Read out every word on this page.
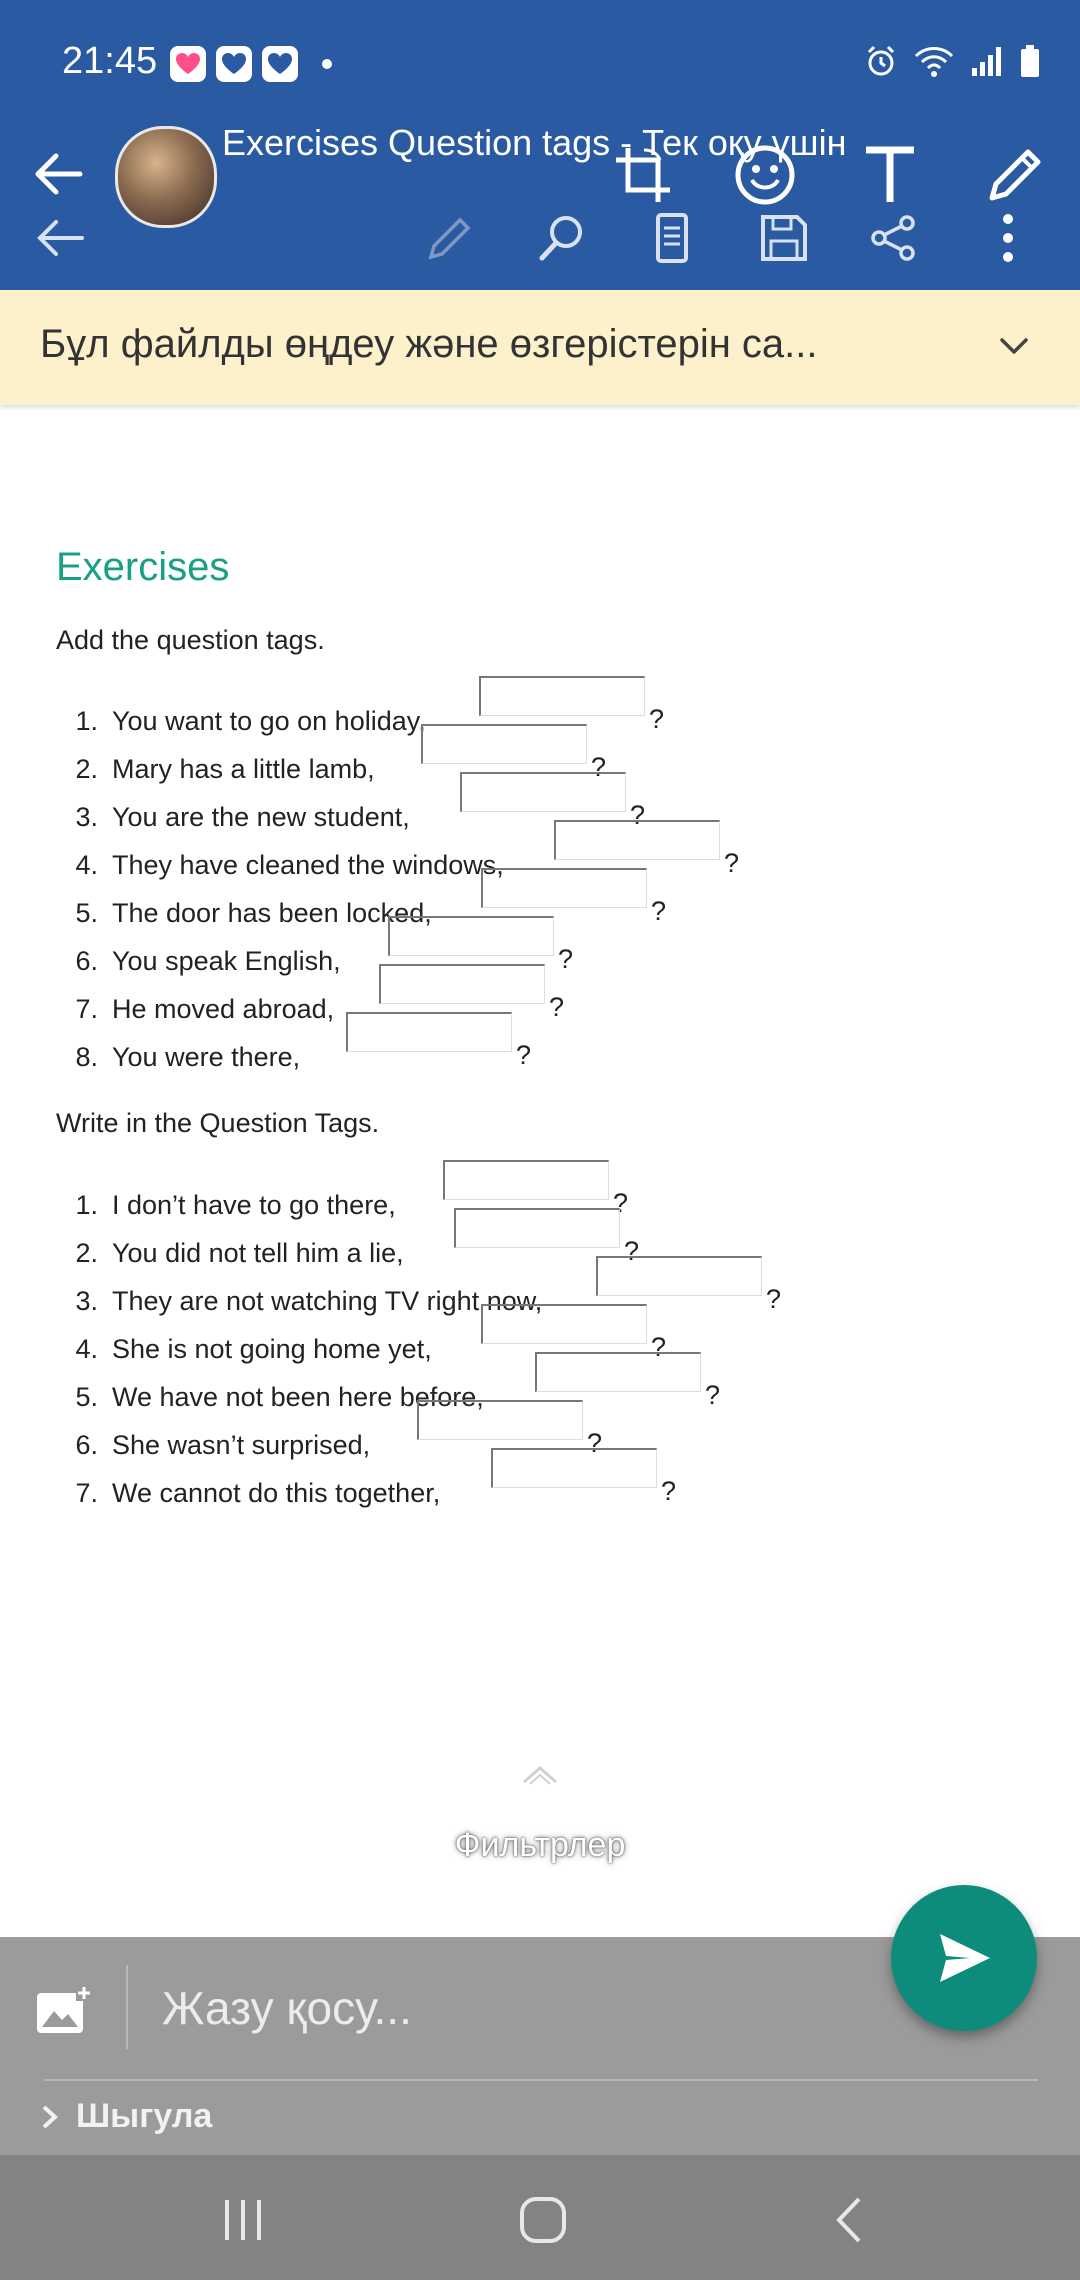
21:45
Exercises Question tags - Тек оқу үшін
Бұл файлды өңдеу және өзгерістерін са...
Exercises
Add the question tags.
1. You want to go on holiday,	?
2. Mary has a little lamb,	?
3. You are the new student,	?
4. They have cleaned the windows,	?
5. The door has been locked,	?
6. You speak English,	?
7. He moved abroad,	?
8. You were there,	?
Write in the Question Tags.
1. I don’t have to go there,	?
2. You did not tell him a lie,	?
3. They are not watching TV right now,	?
4. She is not going home yet,	?
5. We have not been here before,	?
6. She wasn’t surprised,	?
7. We cannot do this together,	?
Фильтрлер
Жазу қосу...
Шыгула
